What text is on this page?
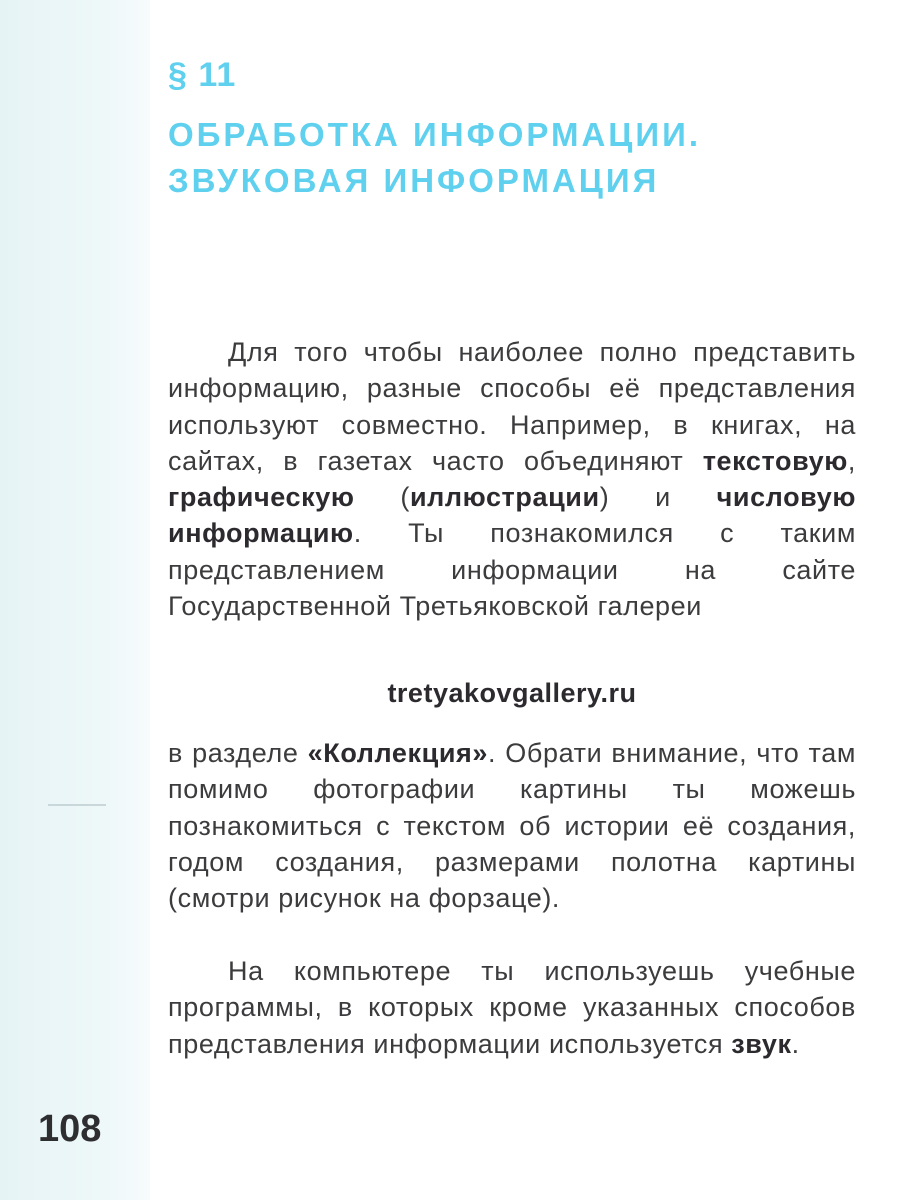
§ 11
ОБРАБОТКА ИНФОРМАЦИИ.
ЗВУКОВАЯ ИНФОРМАЦИЯ

Для того чтобы наиболее полно представить информацию, разные способы её представления используют совместно. Например, в книгах, на сайтах, в газетах часто объединяют текстовую, графическую (иллюстрации) и числовую информацию. Ты познакомился с таким представлением информации на сайте Государственной Третьяковской галереи

tretyakovgallery.ru

в разделе «Коллекция». Обрати внимание, что там помимо фотографии картины ты можешь познакомиться с текстом об истории её создания, годом создания, размерами полотна картины (смотри рисунок на форзаце).

На компьютере ты используешь учебные программы, в которых кроме указанных способов представления информации используется звук.

108
